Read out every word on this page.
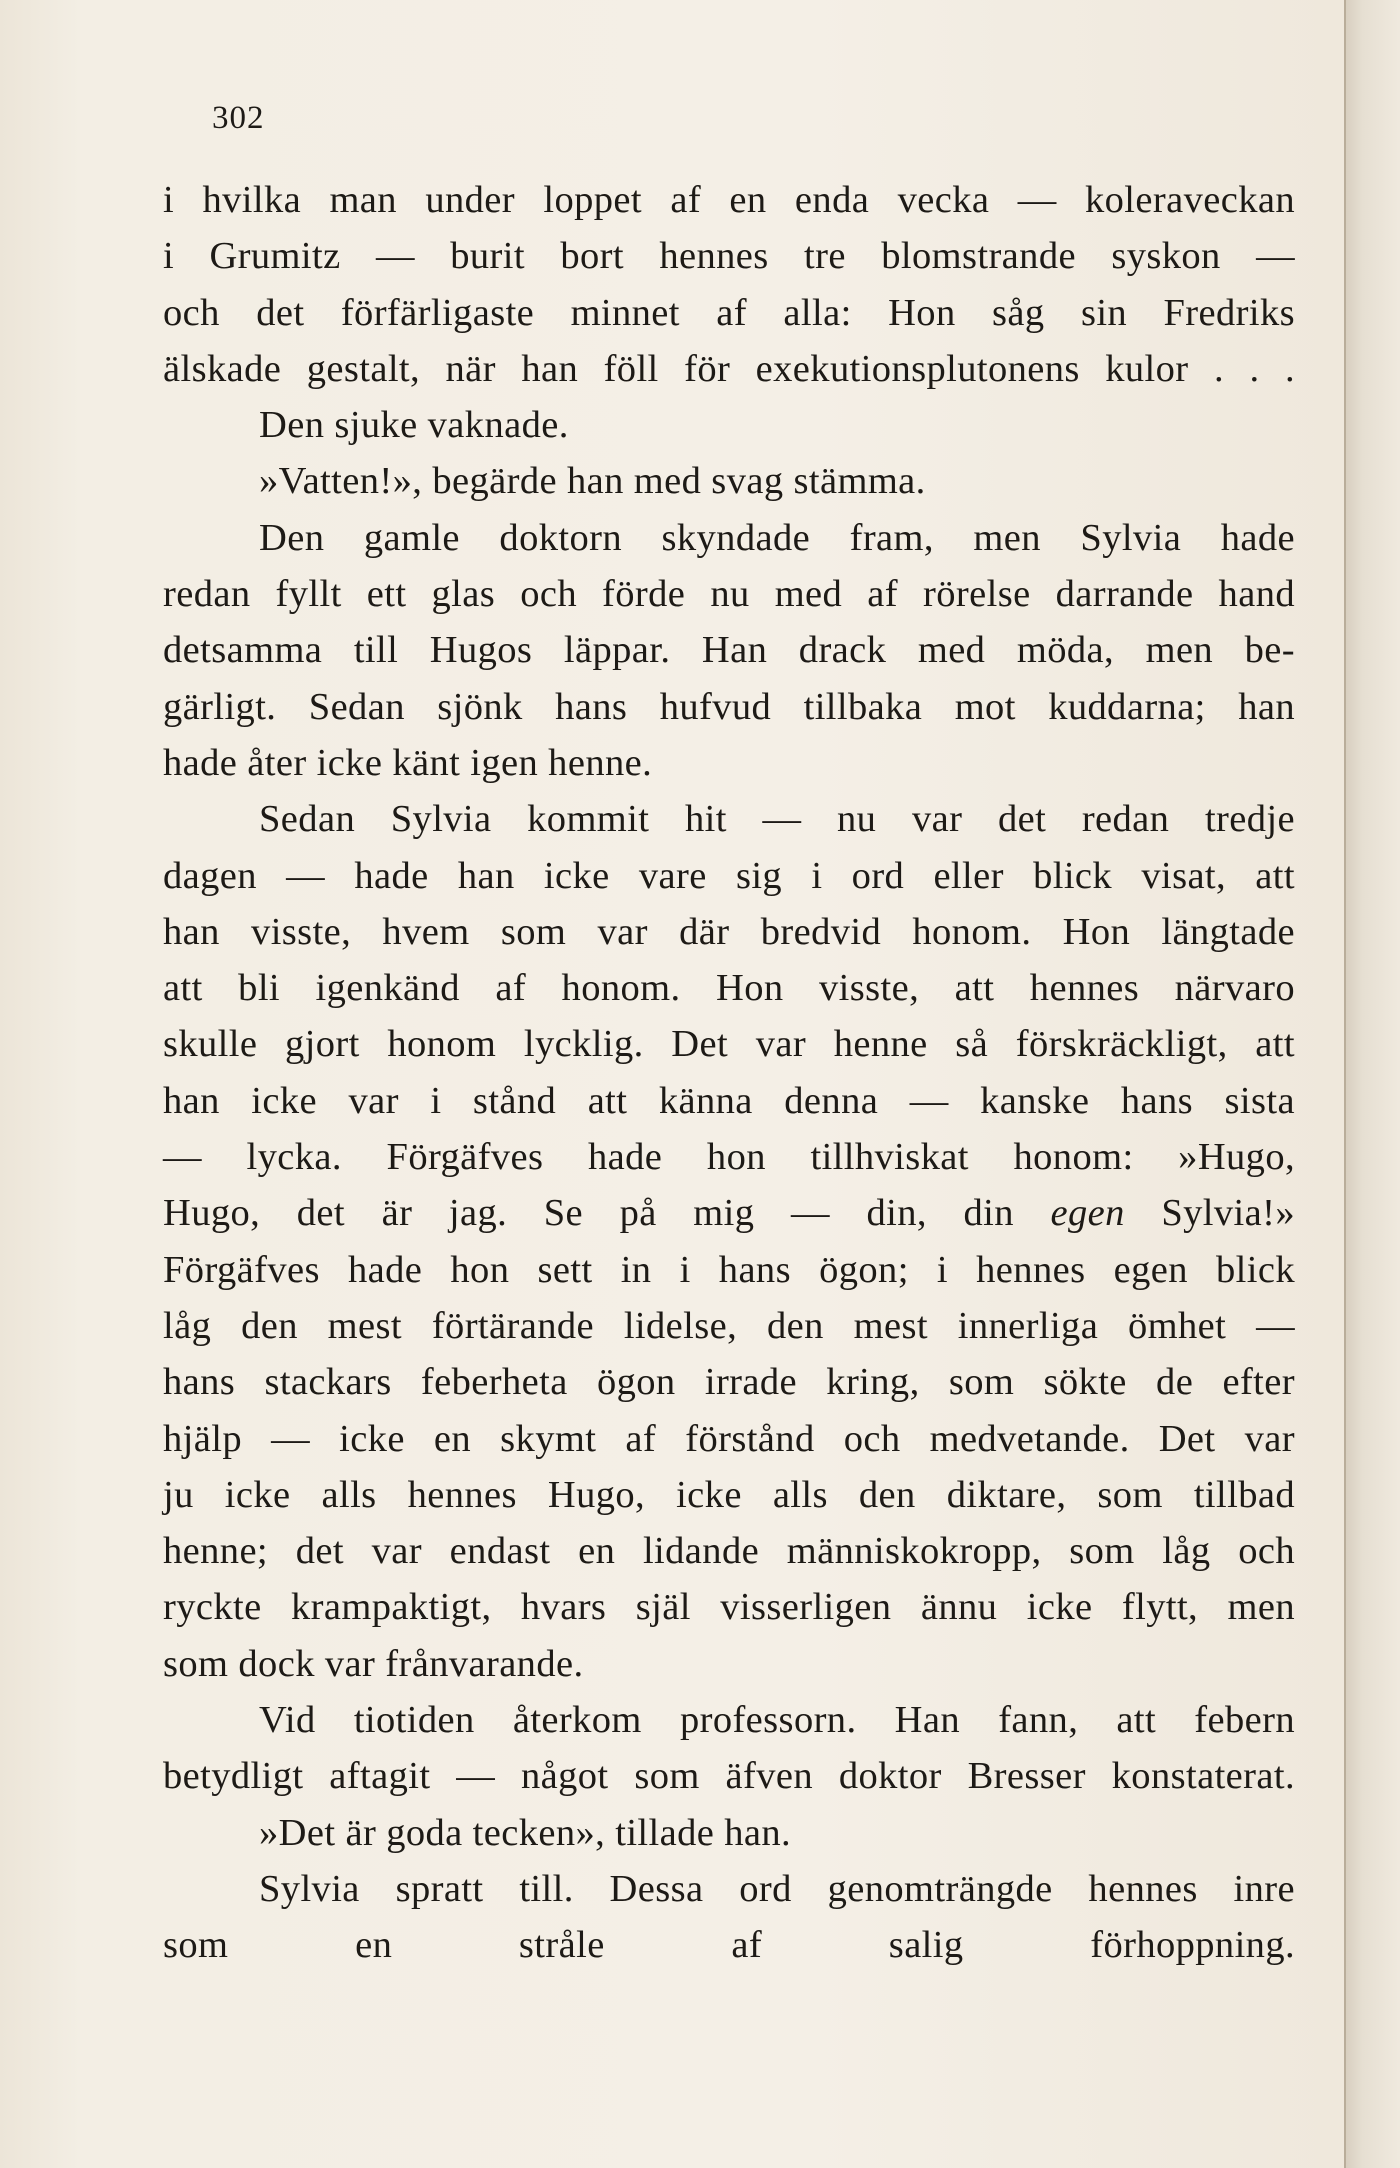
302
i hvilka man under loppet af en enda vecka — koleraveckan
i Grumitz — burit bort hennes tre blomstrande syskon —
och det förfärligaste minnet af alla: Hon såg sin Fredriks
älskade gestalt, när han föll för exekutionsplutonens kulor . . .
Den sjuke vaknade.
»Vatten!», begärde han med svag stämma.
Den gamle doktorn skyndade fram, men Sylvia hade
redan fyllt ett glas och förde nu med af rörelse darrande hand
detsamma till Hugos läppar. Han drack med möda, men be-
gärligt. Sedan sjönk hans hufvud tillbaka mot kuddarna; han
hade åter icke känt igen henne.
Sedan Sylvia kommit hit — nu var det redan tredje
dagen — hade han icke vare sig i ord eller blick visat, att
han visste, hvem som var där bredvid honom. Hon längtade
att bli igenkänd af honom. Hon visste, att hennes närvaro
skulle gjort honom lycklig. Det var henne så förskräckligt, att
han icke var i stånd att känna denna — kanske hans sista
— lycka. Förgäfves hade hon tillhviskat honom: »Hugo,
Hugo, det är jag. Se på mig — din, din egen Sylvia!»
Förgäfves hade hon sett in i hans ögon; i hennes egen blick
låg den mest förtärande lidelse, den mest innerliga ömhet —
hans stackars feberheta ögon irrade kring, som sökte de efter
hjälp — icke en skymt af förstånd och medvetande. Det var
ju icke alls hennes Hugo, icke alls den diktare, som tillbad
henne; det var endast en lidande människokropp, som låg och
ryckte krampaktigt, hvars själ visserligen ännu icke flytt, men
som dock var frånvarande.
Vid tiotiden återkom professorn. Han fann, att febern
betydligt aftagit — något som äfven doktor Bresser konstaterat.
»Det är goda tecken», tillade han.
Sylvia spratt till. Dessa ord genomträngde hennes inre
som en stråle af salig förhoppning.
